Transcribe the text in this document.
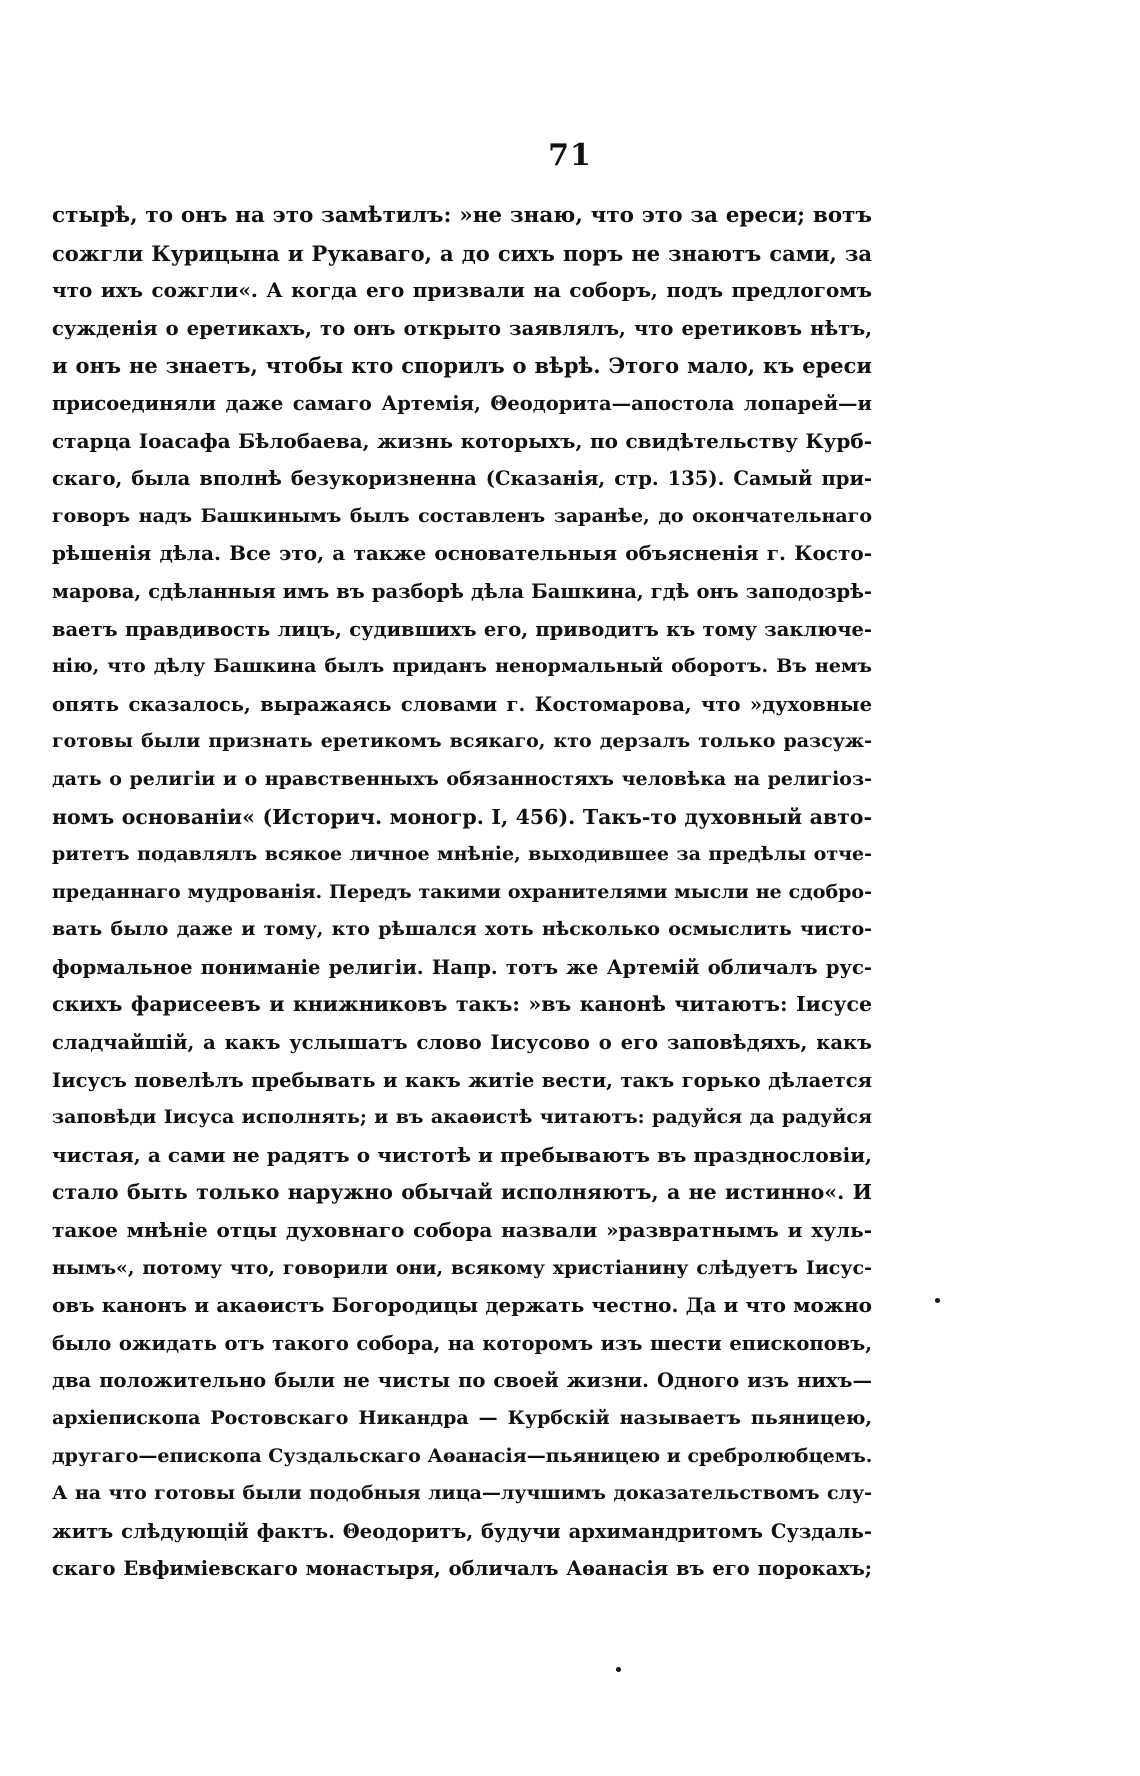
71
стырѣ, то онъ на это замѣтилъ: »не знаю, что это за ереси; вотъ
сожгли Курицына и Рукаваго, а до сихъ поръ не знаютъ сами, за
что ихъ сожгли«. А когда его призвали на соборъ, подъ предлогомъ
сужденія о еретикахъ, то онъ открыто заявлялъ, что еретиковъ нѣтъ,
и онъ не знаетъ, чтобы кто спорилъ о вѣрѣ. Этого мало, къ ереси
присоединяли даже самаго Артемія, Θеодорита—апостола лопарей—и
старца Іоасафа Бѣлобаева, жизнь которыхъ, по свидѣтельству Курб-
скаго, была вполнѣ безукоризненна (Сказанія, стр. 135). Самый при-
говоръ надъ Башкинымъ былъ составленъ заранѣе, до окончательнаго
рѣшенія дѣла. Все это, а также основательныя объясненія г. Косто-
марова, сдѣланныя имъ въ разборѣ дѣла Башкина, гдѣ онъ заподозрѣ-
ваетъ правдивость лицъ, судившихъ его, приводитъ къ тому заключе-
нію, что дѣлу Башкина былъ приданъ ненормальный оборотъ. Въ немъ
опять сказалось, выражаясь словами г. Костомарова, что »духовные
готовы были признать еретикомъ всякаго, кто дерзалъ только разсуж-
дать о религіи и о нравственныхъ обязанностяхъ человѣка на религіоз-
номъ основаніи« (Историч. моногр. I, 456). Такъ-то духовный авто-
ритетъ подавлялъ всякое личное мнѣніе, выходившее за предѣлы отче-
преданнаго мудрованія. Передъ такими охранителями мысли не сдобро-
вать было даже и тому, кто рѣшался хоть нѣсколько осмыслить чисто-
формальное пониманіе религіи. Напр. тотъ же Артемій обличалъ рус-
скихъ фарисеевъ и книжниковъ такъ: »въ канонѣ читаютъ: Іисусе
сладчайшій, а какъ услышатъ слово Іисусово о его заповѣдяхъ, какъ
Іисусъ повелѣлъ пребывать и какъ житіе вести, такъ горько дѣлается
заповѣди Іисуса исполнять; и въ акаѳистѣ читаютъ: радуйся да радуйся
чистая, а сами не радятъ о чистотѣ и пребываютъ въ празднословіи,
стало быть только наружно обычай исполняютъ, а не истинно«. И
такое мнѣніе отцы духовнаго собора назвали »развратнымъ и хуль-
нымъ«, потому что, говорили они, всякому христіанину слѣдуетъ Іисус-
овъ канонъ и акаѳистъ Богородицы держать честно. Да и что можно
было ожидать отъ такого собора, на которомъ изъ шести епископовъ,
два положительно были не чисты по своей жизни. Одного изъ нихъ—
архіепископа Ростовскаго Никандра — Курбскій называетъ пьяницею,
другаго—епископа Суздальскаго Аѳанасія—пьяницею и сребролюбцемъ.
А на что готовы были подобныя лица—лучшимъ доказательствомъ слу-
житъ слѣдующій фактъ. Θеодоритъ, будучи архимандритомъ Суздаль-
скаго Евфиміевскаго монастыря, обличалъ Аѳанасія въ его порокахъ;
